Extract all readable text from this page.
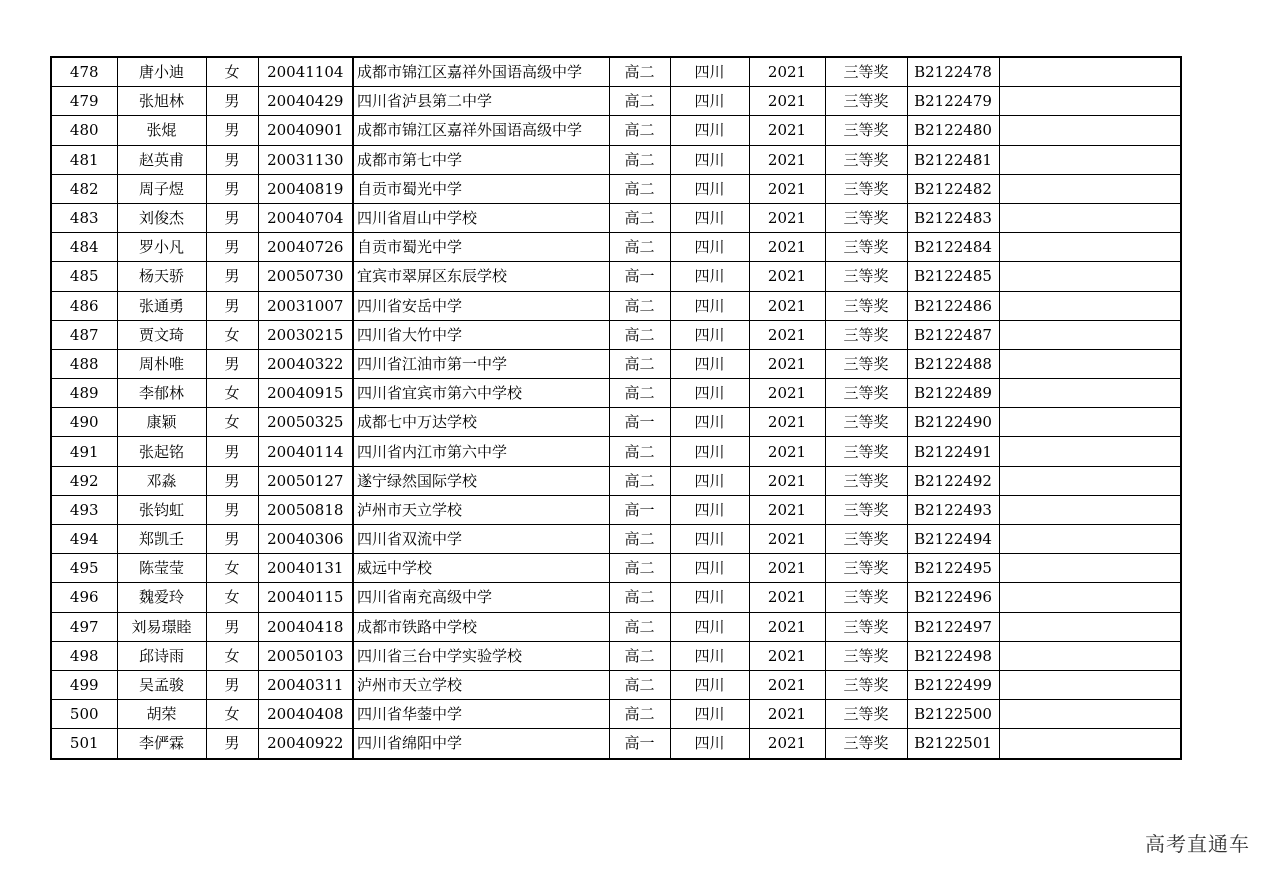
478	唐小迪	女	20041104	成都市锦江区嘉祥外国语高级中学	高二	四川	2021	三等奖	B2122478	
479	张旭林	男	20040429	四川省泸县第二中学	高二	四川	2021	三等奖	B2122479	
480	张焜	男	20040901	成都市锦江区嘉祥外国语高级中学	高二	四川	2021	三等奖	B2122480	
481	赵英甫	男	20031130	成都市第七中学	高二	四川	2021	三等奖	B2122481	
482	周子煜	男	20040819	自贡市蜀光中学	高二	四川	2021	三等奖	B2122482	
483	刘俊杰	男	20040704	四川省眉山中学校	高二	四川	2021	三等奖	B2122483	
484	罗小凡	男	20040726	自贡市蜀光中学	高二	四川	2021	三等奖	B2122484	
485	杨天骄	男	20050730	宜宾市翠屏区东辰学校	高一	四川	2021	三等奖	B2122485	
486	张通勇	男	20031007	四川省安岳中学	高二	四川	2021	三等奖	B2122486	
487	贾文琦	女	20030215	四川省大竹中学	高二	四川	2021	三等奖	B2122487	
488	周朴唯	男	20040322	四川省江油市第一中学	高二	四川	2021	三等奖	B2122488	
489	李郁林	女	20040915	四川省宜宾市第六中学校	高二	四川	2021	三等奖	B2122489	
490	康颖	女	20050325	成都七中万达学校	高一	四川	2021	三等奖	B2122490	
491	张起铭	男	20040114	四川省内江市第六中学	高二	四川	2021	三等奖	B2122491	
492	邓淼	男	20050127	遂宁绿然国际学校	高二	四川	2021	三等奖	B2122492	
493	张钧虹	男	20050818	泸州市天立学校	高一	四川	2021	三等奖	B2122493	
494	郑凯壬	男	20040306	四川省双流中学	高二	四川	2021	三等奖	B2122494	
495	陈莹莹	女	20040131	威远中学校	高二	四川	2021	三等奖	B2122495	
496	魏爱玲	女	20040115	四川省南充高级中学	高二	四川	2021	三等奖	B2122496	
497	刘易璟睦	男	20040418	成都市铁路中学校	高二	四川	2021	三等奖	B2122497	
498	邱诗雨	女	20050103	四川省三台中学实验学校	高二	四川	2021	三等奖	B2122498	
499	吴孟骏	男	20040311	泸州市天立学校	高二	四川	2021	三等奖	B2122499	
500	胡荣	女	20040408	四川省华蓥中学	高二	四川	2021	三等奖	B2122500	
501	李俨霖	男	20040922	四川省绵阳中学	高一	四川	2021	三等奖	B2122501	
高考直通车
